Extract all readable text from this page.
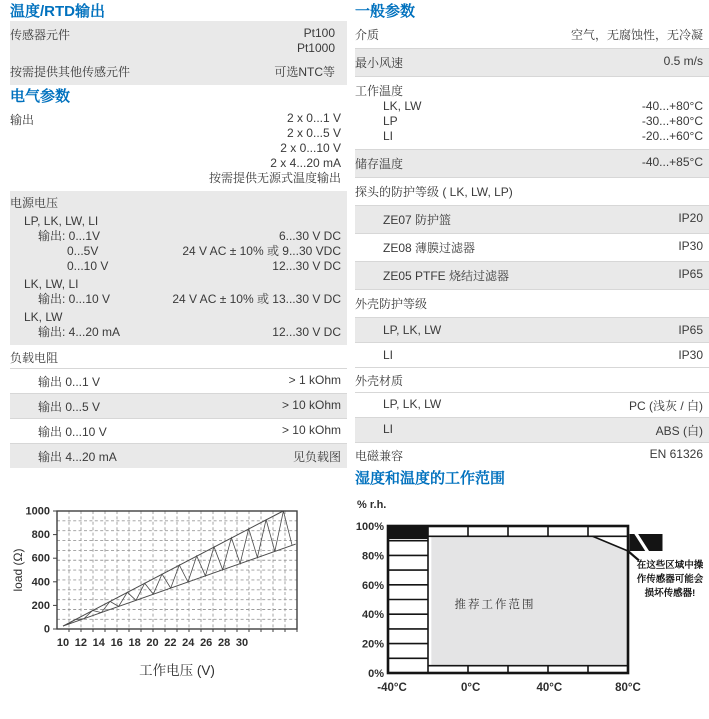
温度/RTD输出
传感器元件	Pt100
Pt1000
按需提供其他传感元件	可选NTC等
电气参数
输出	2 x 0...1 V
2 x 0...5 V
2 x 0...10 V
2 x 4...20 mA
按需提供无源式温度输出
电源电压
LP, LK, LW, LI
输出: 0...1V	6...30 V DC
0...5V	24 V AC ± 10% 或 9...30 VDC
0...10 V	12...30 V DC
LK, LW, LI
输出: 0...10 V	24 V AC ± 10% 或 13...30 V DC
LK, LW
输出: 4...20 mA	12...30 V DC
负载电阻
输出 0...1 V	> 1 kOhm
输出 0...5 V	> 10 kOhm
输出 0...10 V	> 10 kOhm
输出 4...20 mA	见负载图
0
200
400
600
800
1000
10 12 14 16 18 20 22 24 26 28 30
load (Ω)
工作电压 (V)
一般参数
介质	空气，无腐蚀性，无冷凝
最小风速	0.5 m/s
工作温度
LK, LW	-40...+80°C
LP	-30...+80°C
LI	-20...+60°C
储存温度	-40...+85°C
探头的防护等级 ( LK, LW, LP)
ZE07 防护篮	IP20
ZE08 薄膜过滤器	IP30
ZE05 PTFE 烧结过滤器	IP65
外壳防护等级
LP, LK, LW	IP65
LI	IP30
外壳材质
LP, LK, LW	PC (浅灰 / 白)
LI	ABS (白)
电磁兼容	EN 61326
湿度和温度的工作范围
推荐工作范围
在这些区域中操
作传感器可能会
损坏传感器!
% r.h.
100%
80%
60%
40%
20%
0%
-40°C	0°C	40°C	80°C
